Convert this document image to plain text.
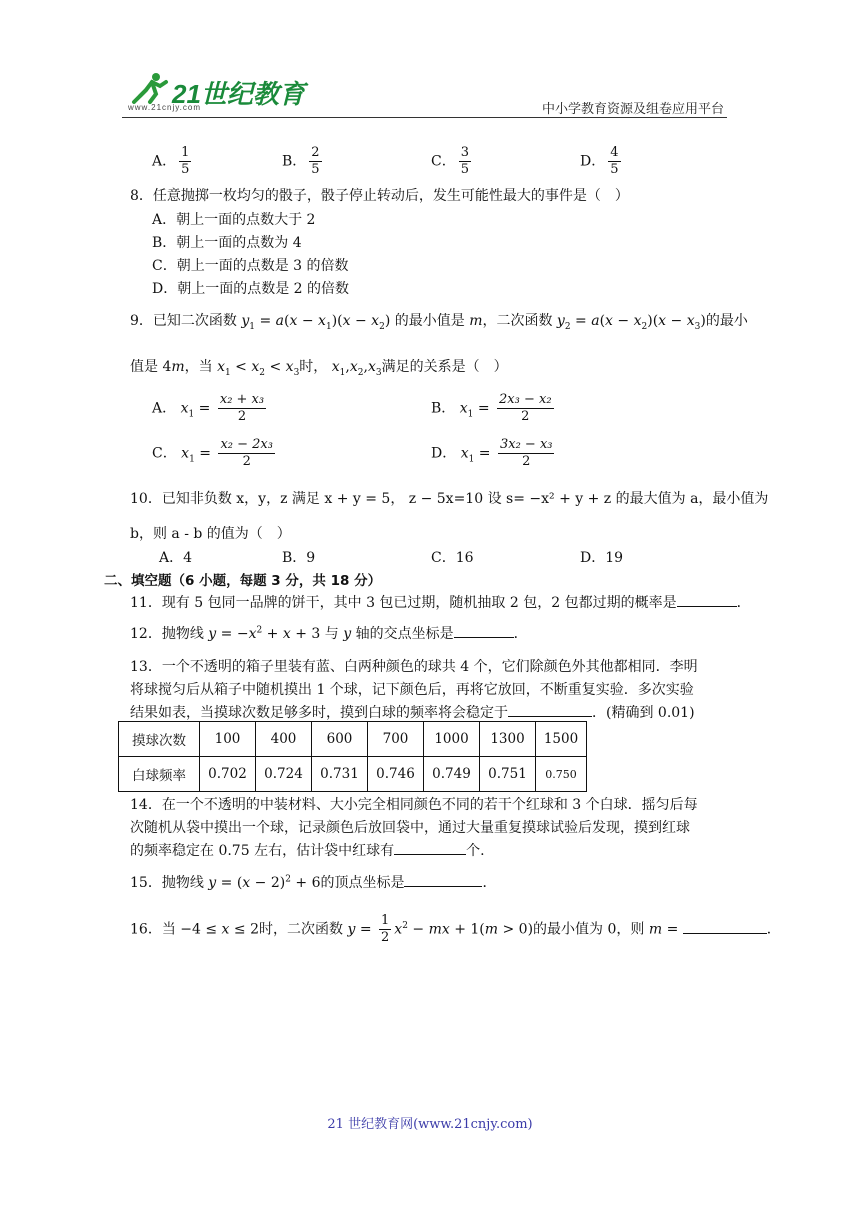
21世纪教育
www.21cnjy.com	中小学教育资源及组卷应用平台
A． $\frac{1}{5}$	B． $\frac{2}{5}$	C． $\frac{3}{5}$	D． $\frac{4}{5}$
8．任意抛掷一枚均匀的骰子，骰子停止转动后，发生可能性最大的事件是（　）
A．朝上一面的点数大于 2
B．朝上一面的点数为 4
C．朝上一面的点数是 3 的倍数
D．朝上一面的点数是 2 的倍数
9．已知二次函数 $y_1 = a(x - x_1)(x - x_2)$ 的最小值是 m，二次函数 $y_2 = a(x - x_2)(x - x_3)$的最小
值是 4m，当 $x_1 < x_2 < x_3$时， $x_1,x_2,x_3$满足的关系是（　）
A． $x_1 = \frac{\text{x₂ + x₃}}{2}$	B． $x_1 = \frac{\text{2x₃ − x₂}}{2}$
C． $x_1 = \frac{\text{x₂ − 2x₃}}{2}$	D． $x_1 = \frac{\text{3x₂ − x₃}}{2}$
10．已知非负数 x，y，z 满足 x + y = 5， z − 5x=10 设 s= −x² + y + z 的最大值为 a，最小值为
b，则 a - b 的值为（　）
A．4	B．9	C．16	D．19
二、填空题（6 小题，每题 3 分，共 18 分）
11．现有 5 包同一品牌的饼干，其中 3 包已过期，随机抽取 2 包，2 包都过期的概率是	．
12．抛物线 $y = -x^2 + x + 3$ 与 y 轴的交点坐标是	．
13．一个不透明的箱子里装有蓝、白两种颜色的球共 4 个，它们除颜色外其他都相同．李明
将球搅匀后从箱子中随机摸出 1 个球，记下颜色后，再将它放回，不断重复实验．多次实验
结果如表，当摸球次数足够多时，摸到白球的频率将会稳定于	．(精确到 0.01)
摸球次数	100	400	600	700	1000	1300	1500
白球频率	0.702	0.724	0.731	0.746	0.749	0.751	0.750
14．在一个不透明的中装材料、大小完全相同颜色不同的若干个红球和 3 个白球．摇匀后每
次随机从袋中摸出一个球，记录颜色后放回袋中，通过大量重复摸球试验后发现，摸到红球
的频率稳定在 0.75 左右，估计袋中红球有	个.
15．抛物线 $y = (x - 2)^2 + 6$的顶点坐标是	．
16．当 −4 ≤ x ≤ 2时，二次函数 $y = \frac{1}{2} x^2$ − mx + 1(m > 0)的最小值为 0，则 m =	．
21 世纪教育网(www.21cnjy.com)
